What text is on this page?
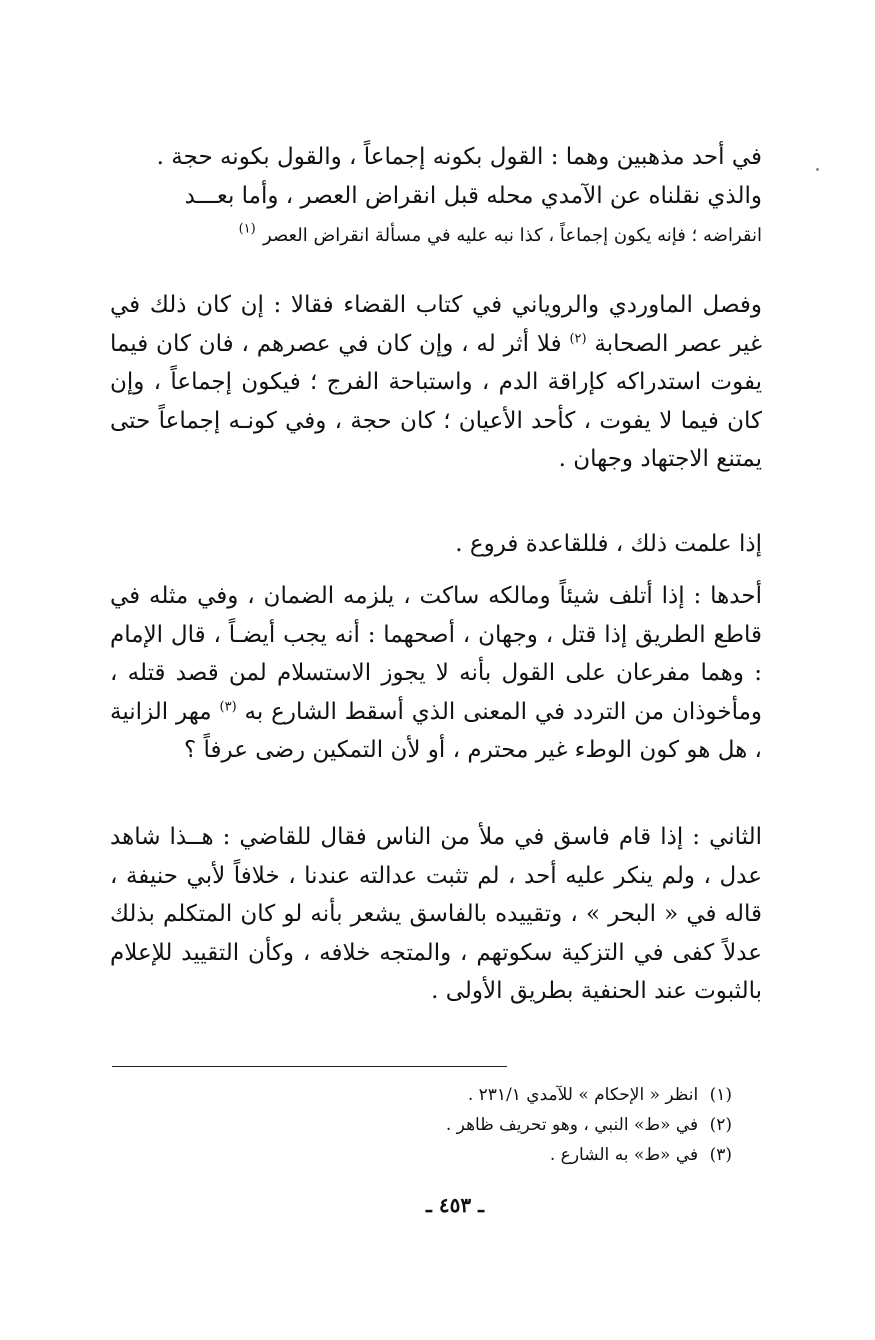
في أحد مذهبين وهما : القول بكونه إجماعاً ، والقول بكونه حجة .
والذي نقلناه عن الآمدي محله قبل انقراض العصر ، وأما بعـــد
انقراضه ؛ فإنه يكون إجماعاً ، كذا نبه عليه في مسألة انقراض العصر $^{(١)}$

وفصل الماوردي والروياني في كتاب القضاء فقالا : إن كان ذلك في غير عصر الصحابة $^{(٢)}$ فلا أثر له ، وإن كان في عصرهم ، فان كان فيما يفوت استدراكه كإراقة الدم ، واستباحة الفرج ؛ فيكون إجماعاً ، وإن كان فيما لا يفوت ، كأحد الأعيان ؛ كان حجة ، وفي كونـه إجماعاً حتى يمتنع الاجتهاد وجهان .

إذا علمت ذلك ، فللقاعدة فروع .

أحدها : إذا أتلف شيئاً ومالكه ساكت ، يلزمه الضمان ، وفي مثله في قاطع الطريق إذا قتل ، وجهان ، أصحهما : أنه يجب أيضـاً ، قال الإمام : وهما مفرعان على القول بأنه لا يجوز الاستسلام لمن قصد قتله ، ومأخوذان من التردد في المعنى الذي أسقط الشارع به $^{(٣)}$ مهر الزانية ، هل هو كون الوطء غير محترم ، أو لأن التمكين رضى عرفاً ؟

الثاني : إذا قام فاسق في ملأ من الناس فقال للقاضي : هــذا شاهد عدل ، ولم ينكر عليه أحد ، لم تثبت عدالته عندنا ، خلافاً لأبي حنيفة ، قاله في « البحر » ، وتقييده بالفاسق يشعر بأنه لو كان المتكلم بذلك عدلاً كفى في التزكية سكوتهم ، والمتجه خلافه ، وكأن التقييد للإعلام بالثبوت عند الحنفية بطريق الأولى .

(١) انظر « الإحكام » للآمدي ٢٣١/١ .
(٢) في «ط» النبي ، وهو تحريف ظاهر .
(٣) في «ط» به الشارع .
ـ ٤٥٣ ـ
